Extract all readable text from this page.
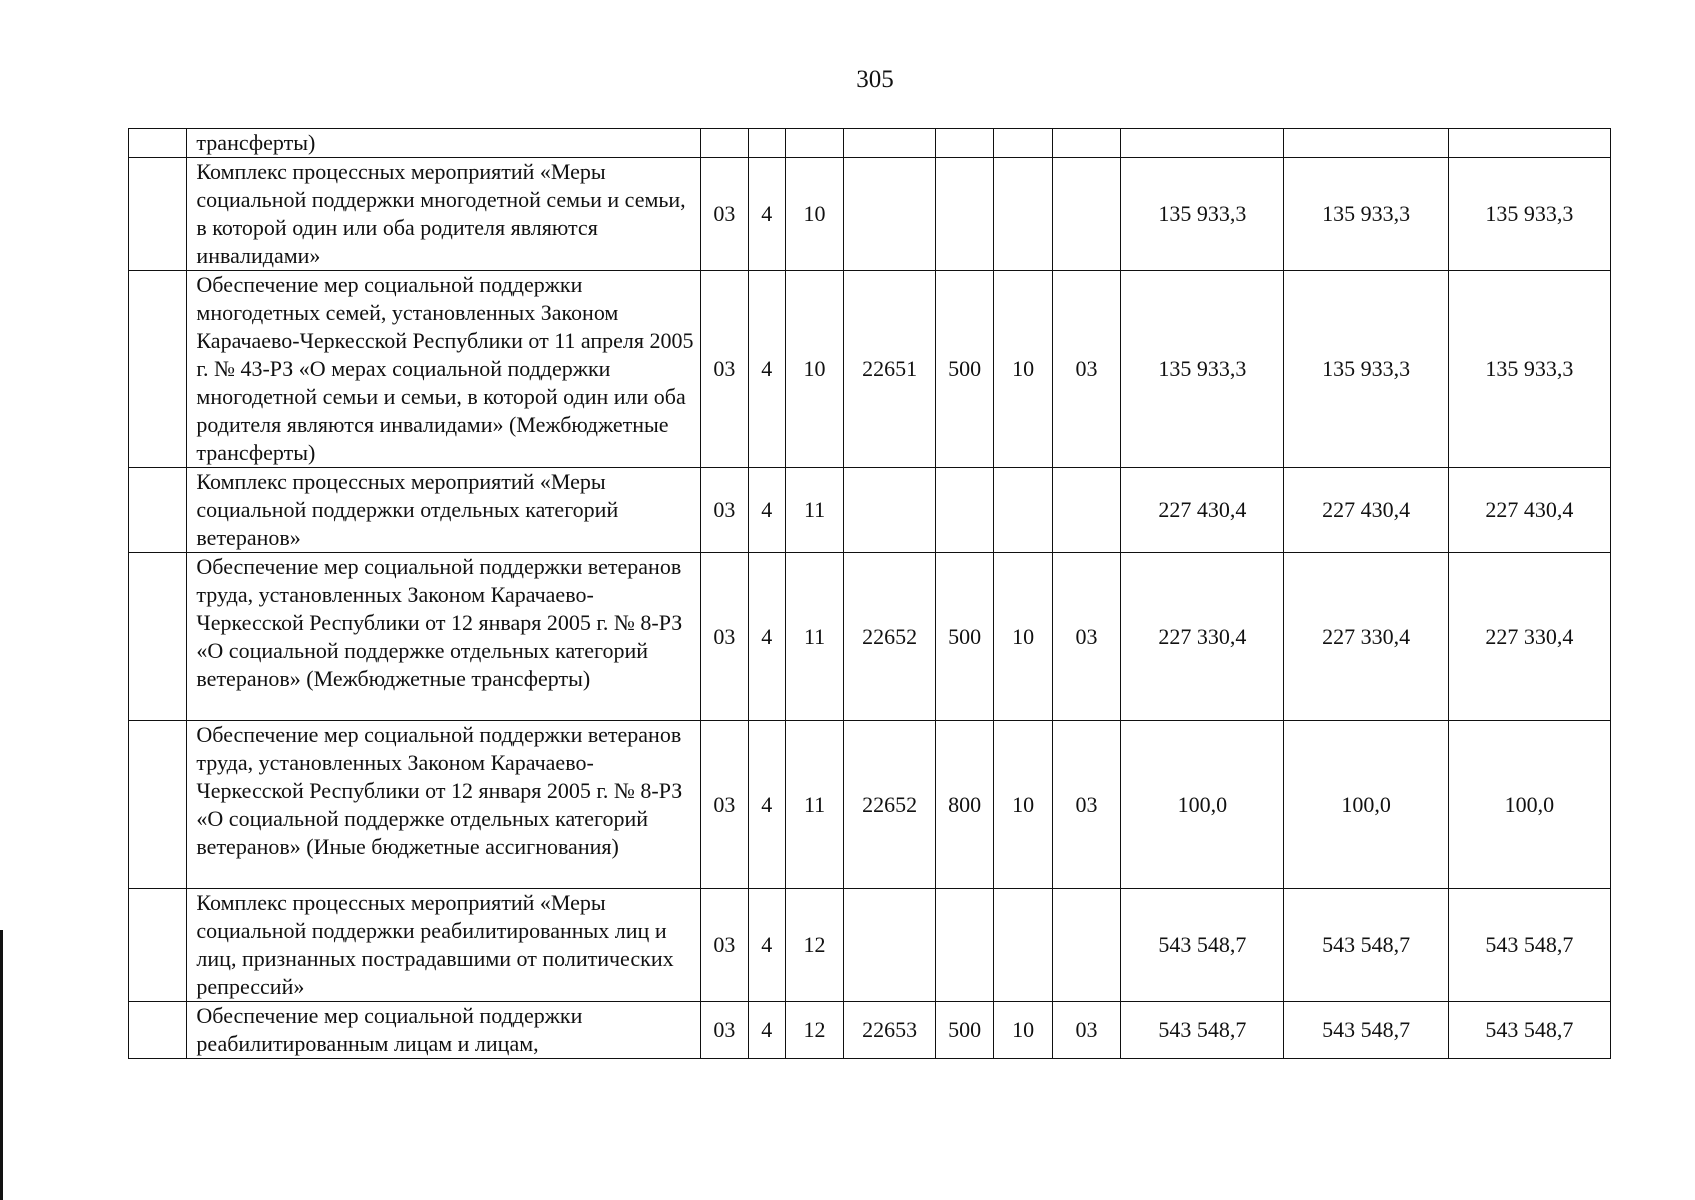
305
	трансферты)										
	Комплекс процессных мероприятий «Меры социальной поддержки многодетной семьи и семьи, в которой один или оба родителя являются инвалидами»	03	4	10					135 933,3	135 933,3	135 933,3
	Обеспечение мер социальной поддержки многодетных семей, установленных Законом Карачаево-Черкесской Республики от 11 апреля 2005 г. № 43-РЗ «О мерах социальной поддержки многодетной семьи и семьи, в которой один или оба родителя являются инвалидами» (Межбюджетные трансферты)	03	4	10	22651	500	10	03	135 933,3	135 933,3	135 933,3
	Комплекс процессных мероприятий «Меры социальной поддержки отдельных категорий ветеранов»	03	4	11					227 430,4	227 430,4	227 430,4
	Обеспечение мер социальной поддержки ветеранов труда, установленных Законом Карачаево-Черкесской Республики от 12 января 2005 г. № 8-РЗ «О социальной поддержке отдельных категорий ветеранов» (Межбюджетные трансферты)	03	4	11	22652	500	10	03	227 330,4	227 330,4	227 330,4
	Обеспечение мер социальной поддержки ветеранов труда, установленных Законом Карачаево-Черкесской Республики от 12 января 2005 г. № 8-РЗ «О социальной поддержке отдельных категорий ветеранов» (Иные бюджетные ассигнования)	03	4	11	22652	800	10	03	100,0	100,0	100,0
	Комплекс процессных мероприятий «Меры социальной поддержки реабилитированных лиц и лиц, признанных пострадавшими от политических репрессий»	03	4	12					543 548,7	543 548,7	543 548,7
	Обеспечение мер социальной поддержки реабилитированным лицам и лицам,	03	4	12	22653	500	10	03	543 548,7	543 548,7	543 548,7
